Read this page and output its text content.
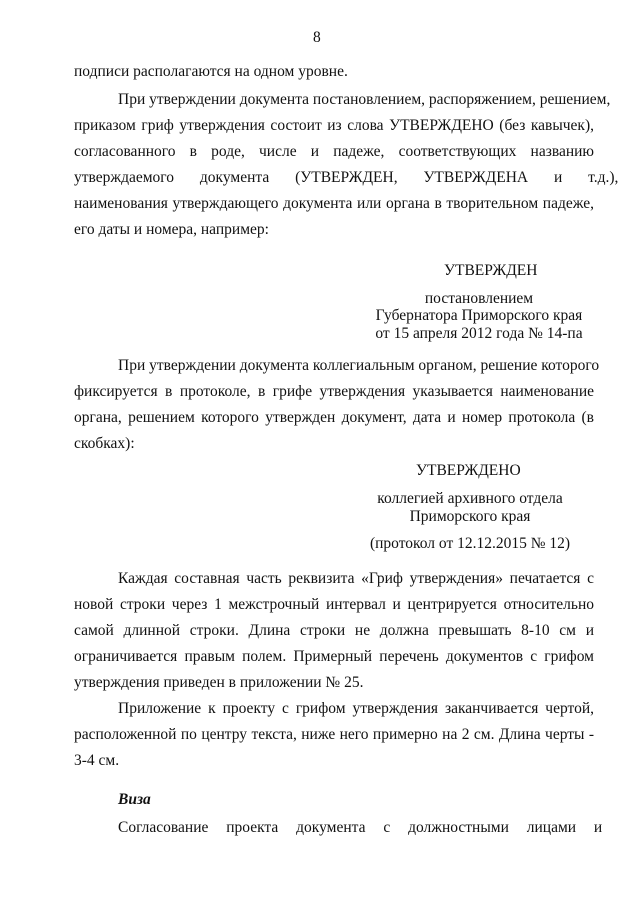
8
подписи располагаются на одном уровне.
При утверждении документа постановлением, распоряжением, решением,
приказом гриф утверждения состоит из слова УТВЕРЖДЕНО (без кавычек),
согласованного в роде, числе и падеже, соответствующих названию
утверждаемого документа (УТВЕРЖДЕН, УТВЕРЖДЕНА и т.д.),
наименования утверждающего документа или органа в творительном падеже,
его даты и номера, например:
УТВЕРЖДЕН
постановлением
Губернатора Приморского края
от 15 апреля 2012 года № 14-па
При утверждении документа коллегиальным органом, решение которого
фиксируется в протоколе, в грифе утверждения указывается наименование
органа, решением которого утвержден документ, дата и номер протокола (в
скобках):
УТВЕРЖДЕНО
коллегией архивного отдела
Приморского края
(протокол от 12.12.2015 № 12)
Каждая составная часть реквизита «Гриф утверждения» печатается с
новой строки через 1 межстрочный интервал и центрируется относительно
самой длинной строки. Длина строки не должна превышать 8-10 см и
ограничивается правым полем. Примерный перечень документов с грифом
утверждения приведен в приложении № 25.
Приложение к проекту с грифом утверждения заканчивается чертой,
расположенной по центру текста, ниже него примерно на 2 см. Длина черты -
3-4 см.
Виза
Согласование проекта документа с должностными лицами и
